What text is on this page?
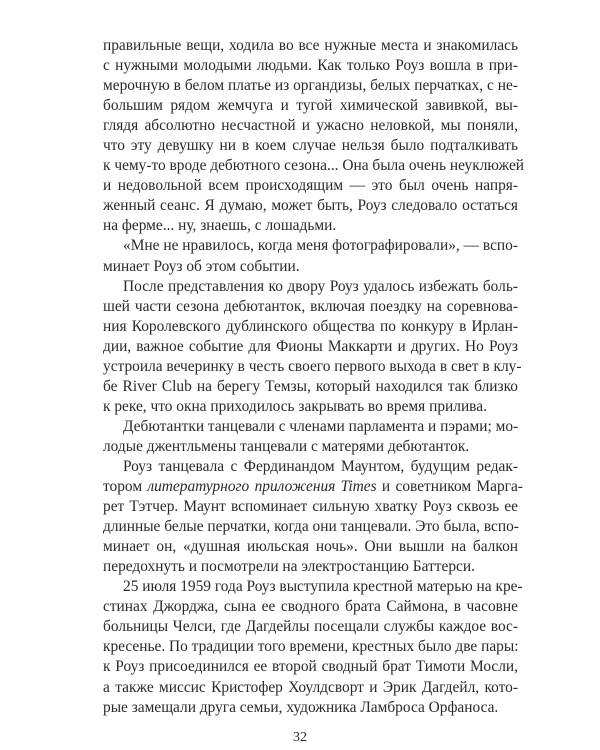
правильные вещи, ходила во все нужные места и знакомилась
с нужными молодыми людьми. Как только Роуз вошла в при-
мерочную в белом платье из органдизы, белых перчатках, с не-
большим рядом жемчуга и тугой химической завивкой, вы-
глядя абсолютно несчастной и ужасно неловкой, мы поняли,
что эту девушку ни в коем случае нельзя было подталкивать
к чему-то вроде дебютного сезона... Она была очень неуклюжей
и недовольной всем происходящим — это был очень напря-
женный сеанс. Я думаю, может быть, Роуз следовало остаться
на ферме... ну, знаешь, с лошадьми.
«Мне не нравилось, когда меня фотографировали», — вспо-
минает Роуз об этом событии.
После представления ко двору Роуз удалось избежать боль-
шей части сезона дебютанток, включая поездку на соревнова-
ния Королевского дублинского общества по конкуру в Ирлан-
дии, важное событие для Фионы Маккарти и других. Но Роуз
устроила вечеринку в честь своего первого выхода в свет в клу-
бе River Club на берегу Темзы, который находился так близко
к реке, что окна приходилось закрывать во время прилива.
Дебютантки танцевали с членами парламента и пэрами; мо-
лодые джентльмены танцевали с матерями дебютанток.
Роуз танцевала с Фердинандом Маунтом, будущим редак-
тором литературного приложения Times и советником Марга-
рет Тэтчер. Маунт вспоминает сильную хватку Роуз сквозь ее
длинные белые перчатки, когда они танцевали. Это была, вспо-
минает он, «душная июльская ночь». Они вышли на балкон
передохнуть и посмотрели на электростанцию Баттерси.
25 июля 1959 года Роуз выступила крестной матерью на кре-
стинах Джорджа, сына ее сводного брата Саймона, в часовне
больницы Челси, где Дагдейлы посещали службы каждое вос-
кресенье. По традиции того времени, крестных было две пары:
к Роуз присоединился ее второй сводный брат Тимоти Мосли,
а также миссис Кристофер Хоулдсворт и Эрик Дагдейл, кото-
рые замещали друга семьи, художника Ламброса Орфаноса.
32
